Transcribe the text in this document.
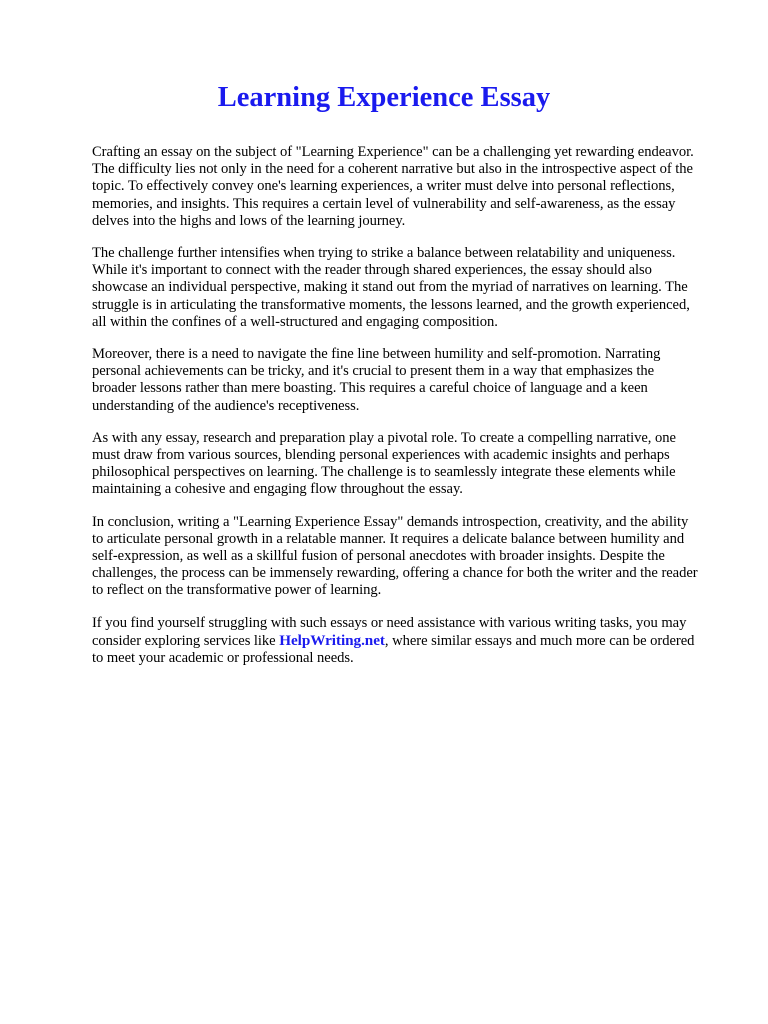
Learning Experience Essay

Crafting an essay on the subject of "Learning Experience" can be a challenging yet rewarding endeavor. The difficulty lies not only in the need for a coherent narrative but also in the introspective aspect of the topic. To effectively convey one's learning experiences, a writer must delve into personal reflections, memories, and insights. This requires a certain level of vulnerability and self-awareness, as the essay delves into the highs and lows of the learning journey.

The challenge further intensifies when trying to strike a balance between relatability and uniqueness. While it's important to connect with the reader through shared experiences, the essay should also showcase an individual perspective, making it stand out from the myriad of narratives on learning. The struggle is in articulating the transformative moments, the lessons learned, and the growth experienced, all within the confines of a well-structured and engaging composition.

Moreover, there is a need to navigate the fine line between humility and self-promotion. Narrating personal achievements can be tricky, and it's crucial to present them in a way that emphasizes the broader lessons rather than mere boasting. This requires a careful choice of language and a keen understanding of the audience's receptiveness.

As with any essay, research and preparation play a pivotal role. To create a compelling narrative, one must draw from various sources, blending personal experiences with academic insights and perhaps philosophical perspectives on learning. The challenge is to seamlessly integrate these elements while maintaining a cohesive and engaging flow throughout the essay.

In conclusion, writing a "Learning Experience Essay" demands introspection, creativity, and the ability to articulate personal growth in a relatable manner. It requires a delicate balance between humility and self-expression, as well as a skillful fusion of personal anecdotes with broader insights. Despite the challenges, the process can be immensely rewarding, offering a chance for both the writer and the reader to reflect on the transformative power of learning.

If you find yourself struggling with such essays or need assistance with various writing tasks, you may consider exploring services like HelpWriting.net, where similar essays and much more can be ordered to meet your academic or professional needs.
